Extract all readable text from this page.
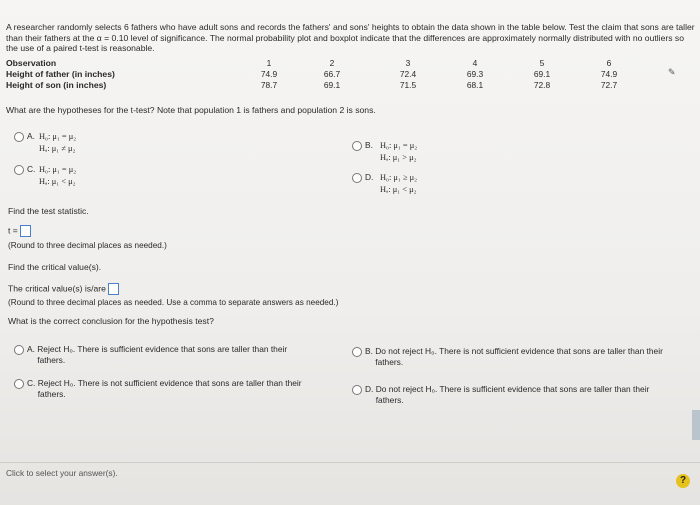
A researcher randomly selects 6 fathers who have adult sons and records the fathers' and sons' heights to obtain the data shown in the table below. Test the claim that sons are taller than their fathers at the α = 0.10 level of significance. The normal probability plot and boxplot indicate that the differences are approximately normally distributed with no outliers so the use of a paired t-test is reasonable.
Observation	1	2	3	4	5	6
Height of father (in inches)	74.9	66.7	72.4	69.3	69.1	74.9
Height of son (in inches)	78.7	69.1	71.5	68.1	72.8	72.7
✎
What are the hypotheses for the t-test? Note that population 1 is fathers and population 2 is sons.
A. H₀: μ₁ = μ₂
Hₐ: μ₁ ≠ μ₂	B. H₀: μ₁ = μ₂
Hₐ: μ₁ > μ₂
C. H₀: μ₁ = μ₂
Hₐ: μ₁ < μ₂	D. H₀: μ₁ ≥ μ₂
Hₐ: μ₁ < μ₂
Find the test statistic.
t =
(Round to three decimal places as needed.)
Find the critical value(s).
The critical value(s) is/are
(Round to three decimal places as needed. Use a comma to separate answers as needed.)
What is the correct conclusion for the hypothesis test?
A. Reject H₀. There is sufficient evidence that sons are taller than their fathers.
B. Do not reject H₀. There is not sufficient evidence that sons are taller than their fathers.
C. Reject H₀. There is not sufficient evidence that sons are taller than their fathers.	D. Do not reject H₀. There is sufficient evidence that sons are taller than their fathers.
Click to select your answer(s).
?
